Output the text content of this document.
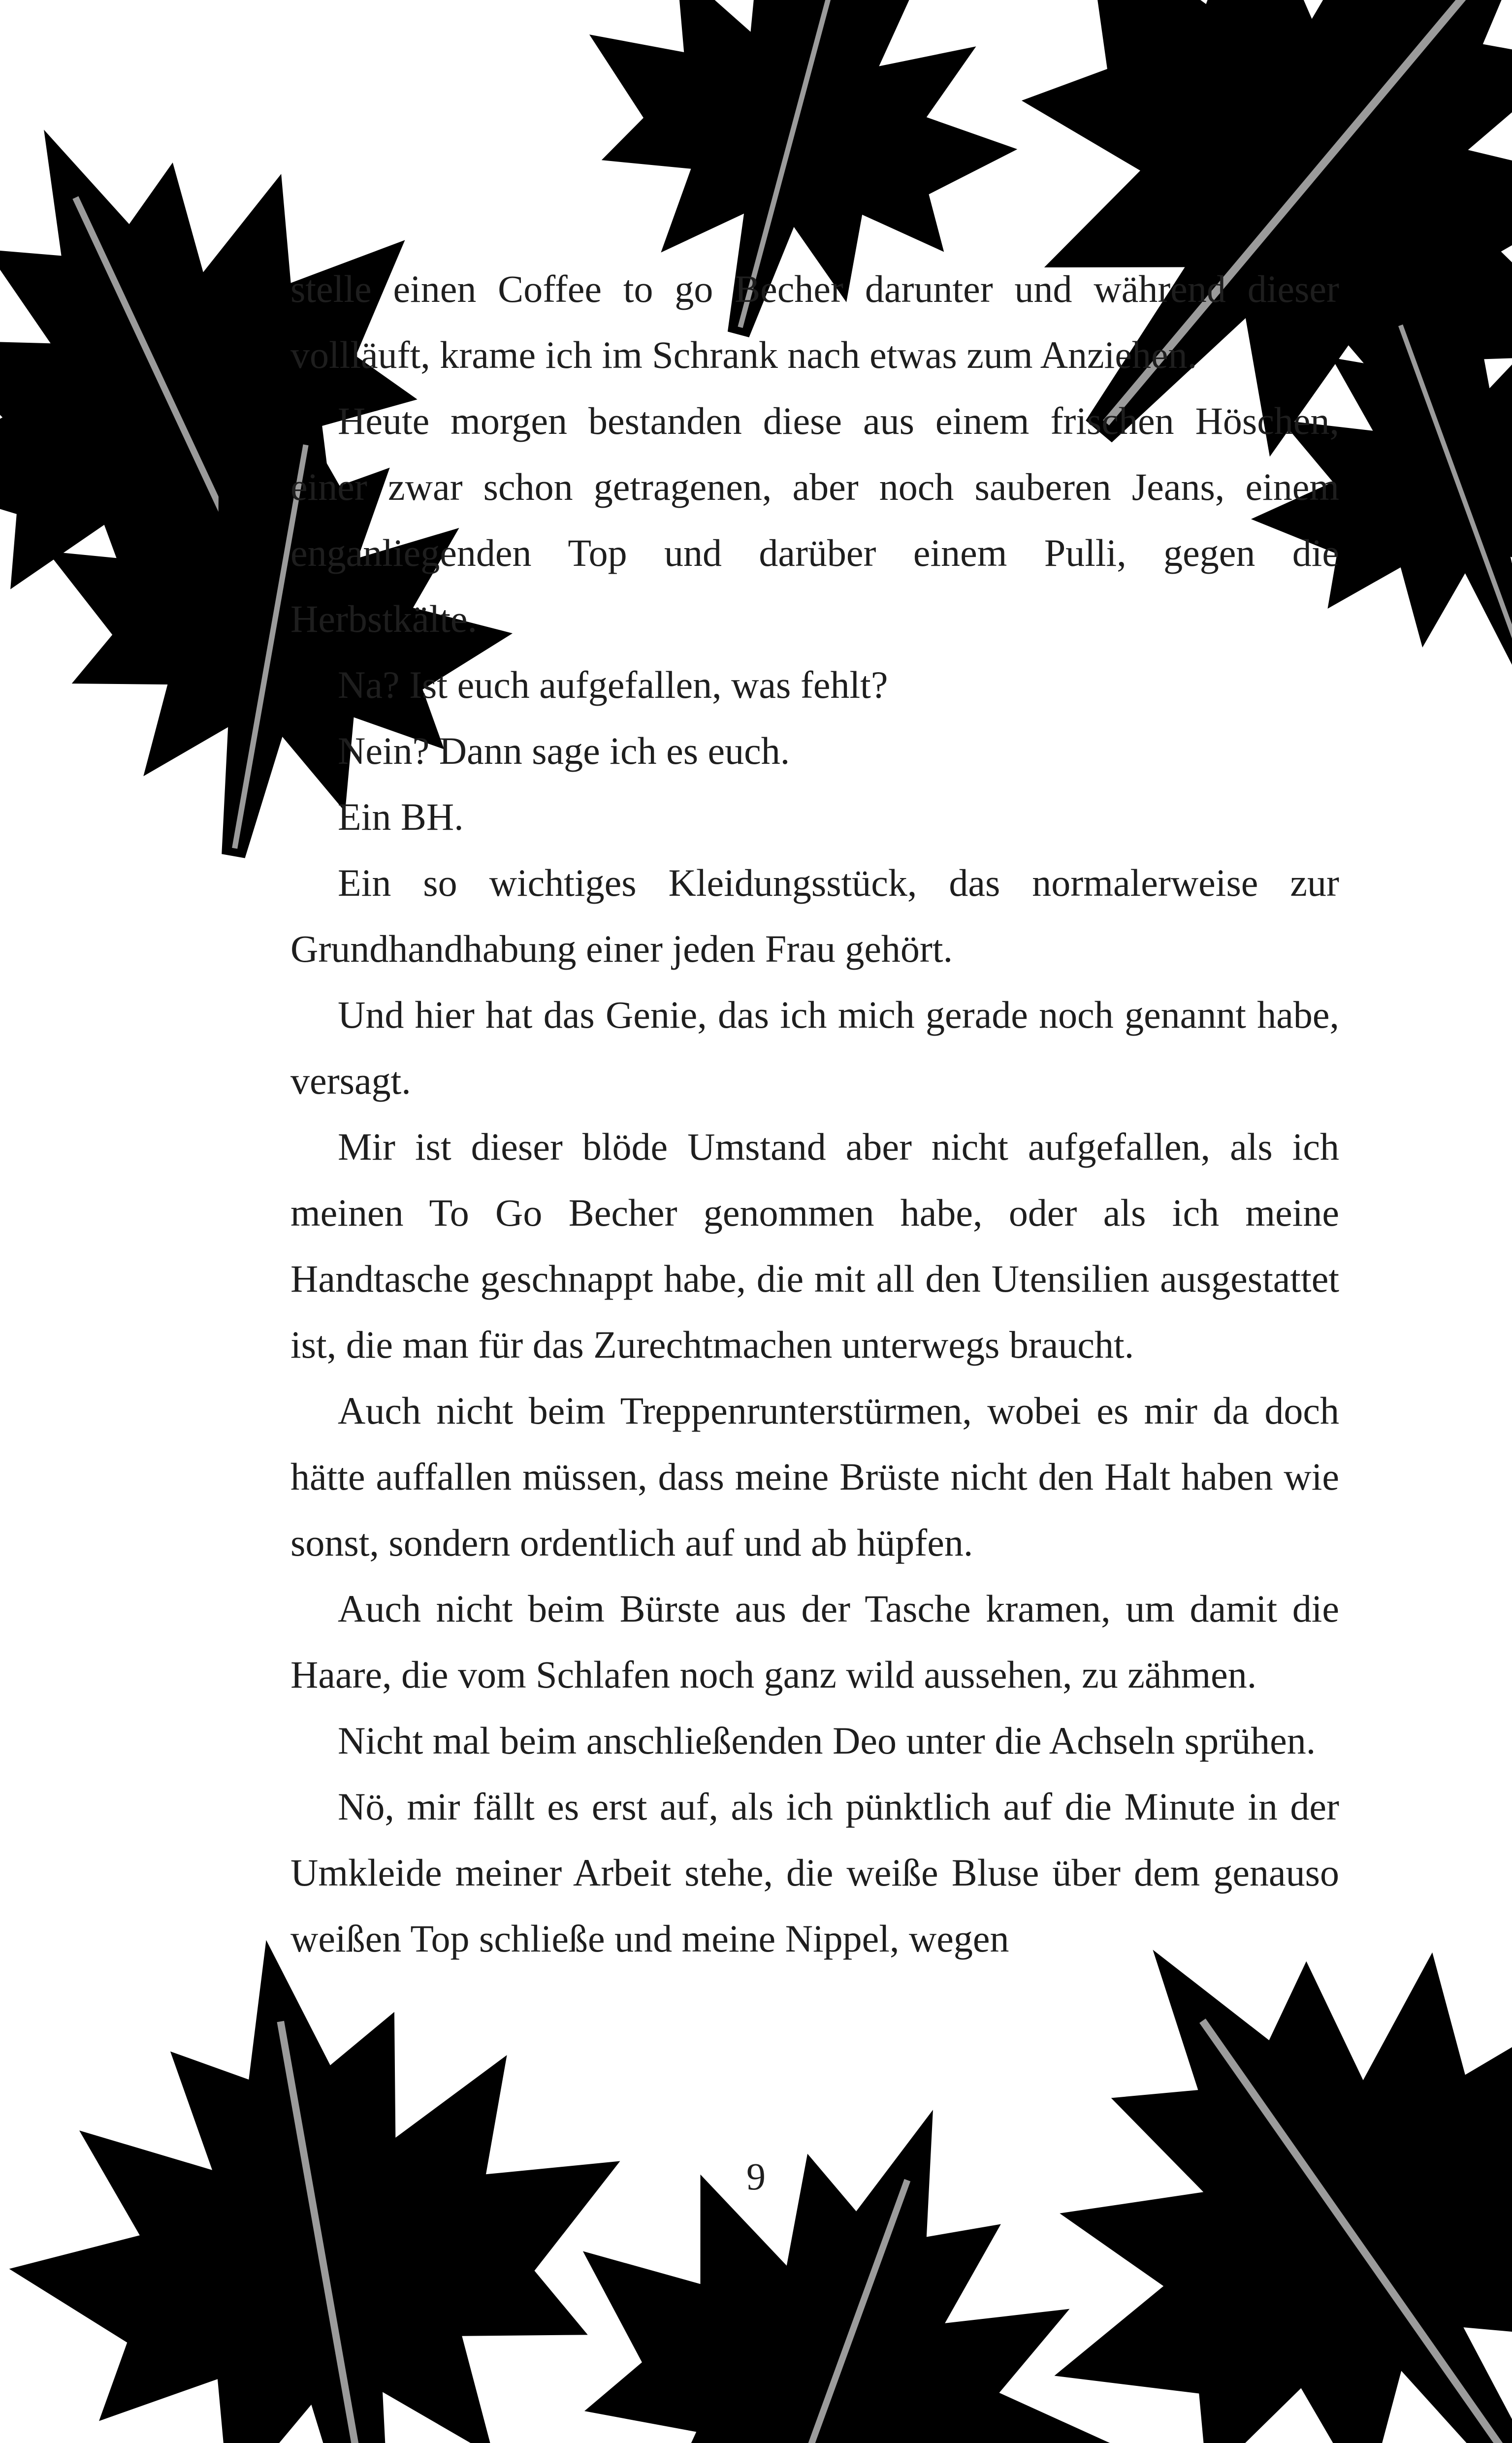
stelle einen Coffee to go Becher darunter und während dieser vollläuft, krame ich im Schrank nach etwas zum Anziehen.

Heute morgen bestanden diese aus einem frischen Höschen, einer zwar schon getragenen, aber noch sauberen Jeans, einem enganliegenden Top und darüber einem Pulli, gegen die Herbstkälte.

Na? Ist euch aufgefallen, was fehlt?

Nein? Dann sage ich es euch.

Ein BH.

Ein so wichtiges Kleidungsstück, das normalerweise zur Grundhandhabung einer jeden Frau gehört.

Und hier hat das Genie, das ich mich gerade noch genannt habe, versagt.

Mir ist dieser blöde Umstand aber nicht aufgefallen, als ich meinen To Go Becher genommen habe, oder als ich meine Handtasche geschnappt habe, die mit all den Utensilien ausgestattet ist, die man für das Zurechtmachen unterwegs braucht.

Auch nicht beim Treppenrunterstürmen, wobei es mir da doch hätte auffallen müssen, dass meine Brüste nicht den Halt haben wie sonst, sondern ordentlich auf und ab hüpfen.

Auch nicht beim Bürste aus der Tasche kramen, um damit die Haare, die vom Schlafen noch ganz wild aussehen, zu zähmen.

Nicht mal beim anschließenden Deo unter die Achseln sprühen.

Nö, mir fällt es erst auf, als ich pünktlich auf die Minute in der Umkleide meiner Arbeit stehe, die weiße Bluse über dem genauso weißen Top schließe und meine Nippel, wegen

9
